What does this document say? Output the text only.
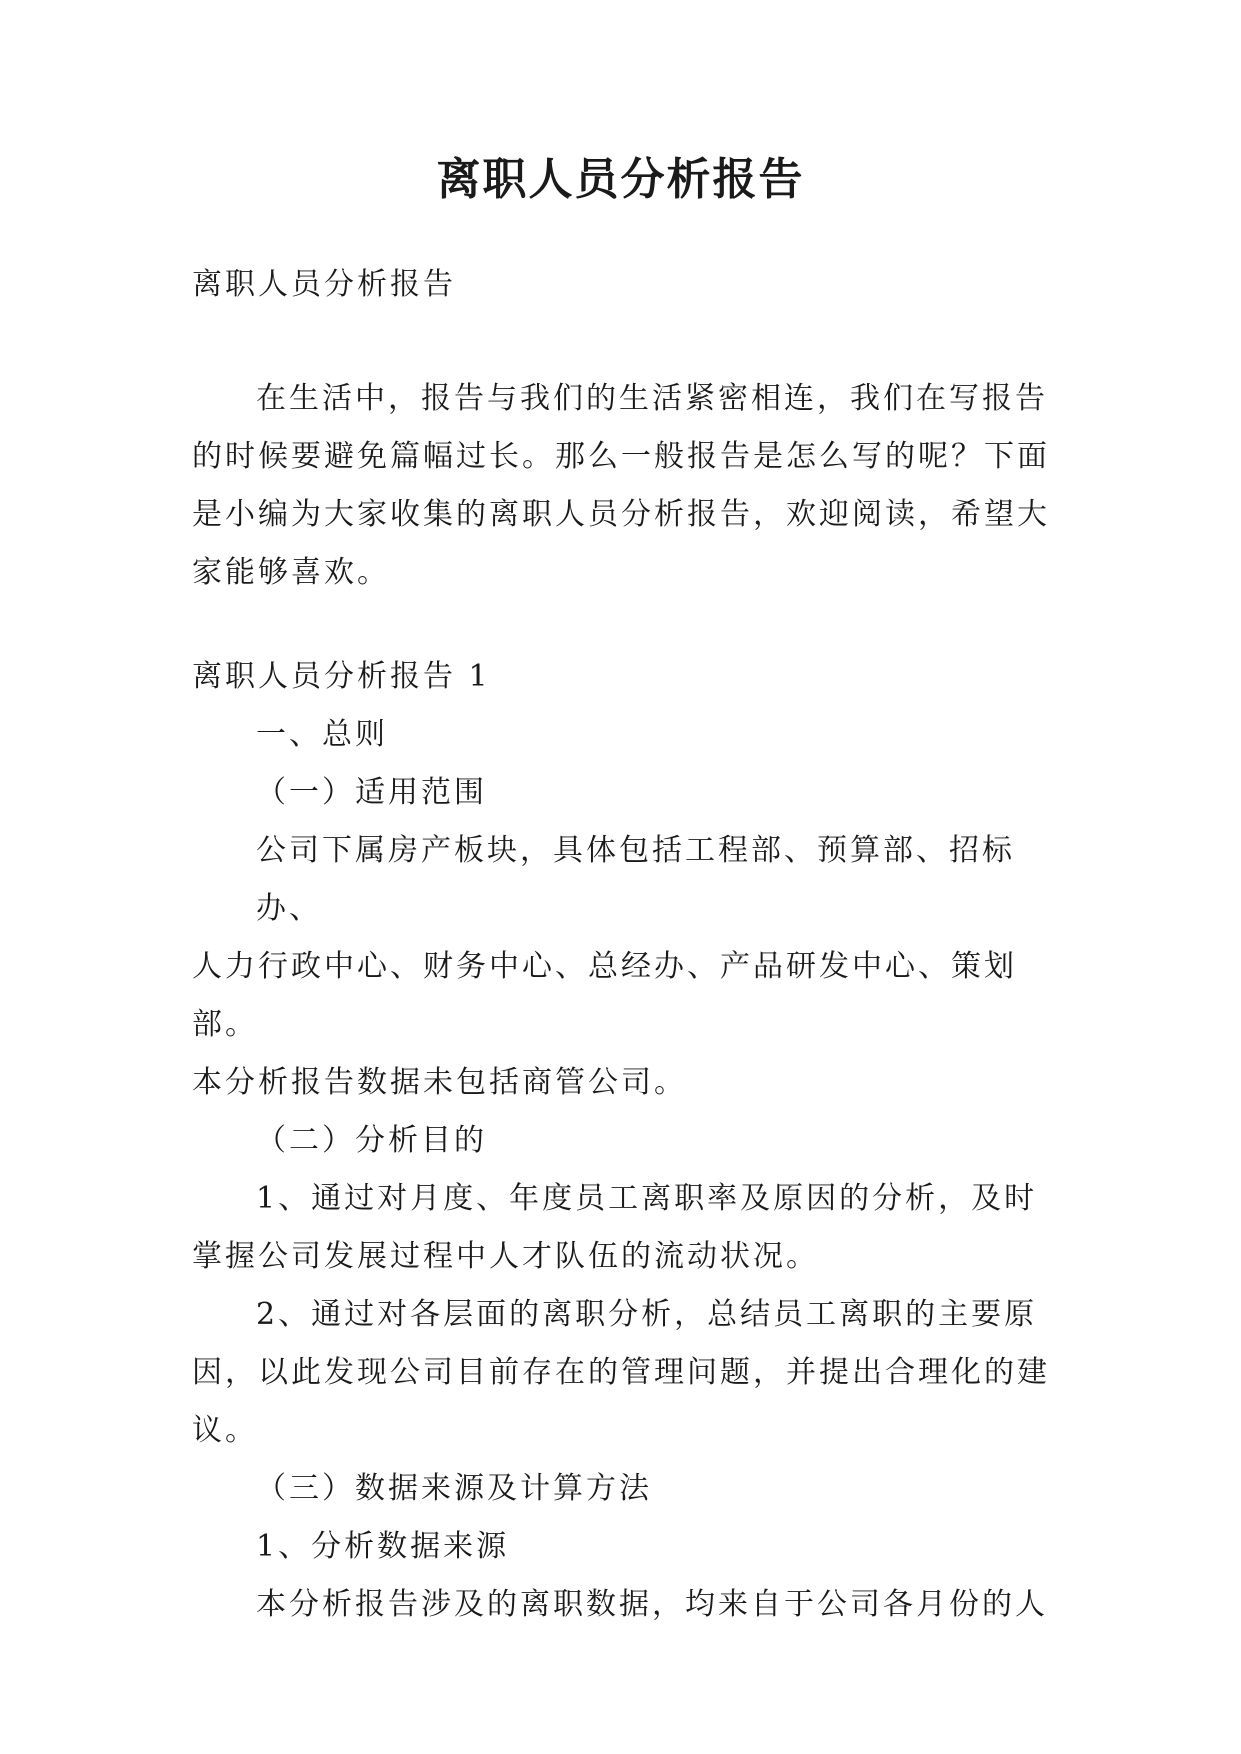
离职人员分析报告

离职人员分析报告

在生活中，报告与我们的生活紧密相连，我们在写报告

的时候要避免篇幅过长。那么一般报告是怎么写的呢？下面

是小编为大家收集的离职人员分析报告，欢迎阅读，希望大

家能够喜欢。

离职人员分析报告 1

一、总则

（一）适用范围

公司下属房产板块，具体包括工程部、预算部、招标办、

人力行政中心、财务中心、总经办、产品研发中心、策划部。

本分析报告数据未包括商管公司。

（二）分析目的

1、通过对月度、年度员工离职率及原因的分析，及时

掌握公司发展过程中人才队伍的流动状况。

2、通过对各层面的离职分析，总结员工离职的主要原

因，以此发现公司目前存在的管理问题，并提出合理化的建

议。

（三）数据来源及计算方法

1、分析数据来源

本分析报告涉及的离职数据，均来自于公司各月份的人
